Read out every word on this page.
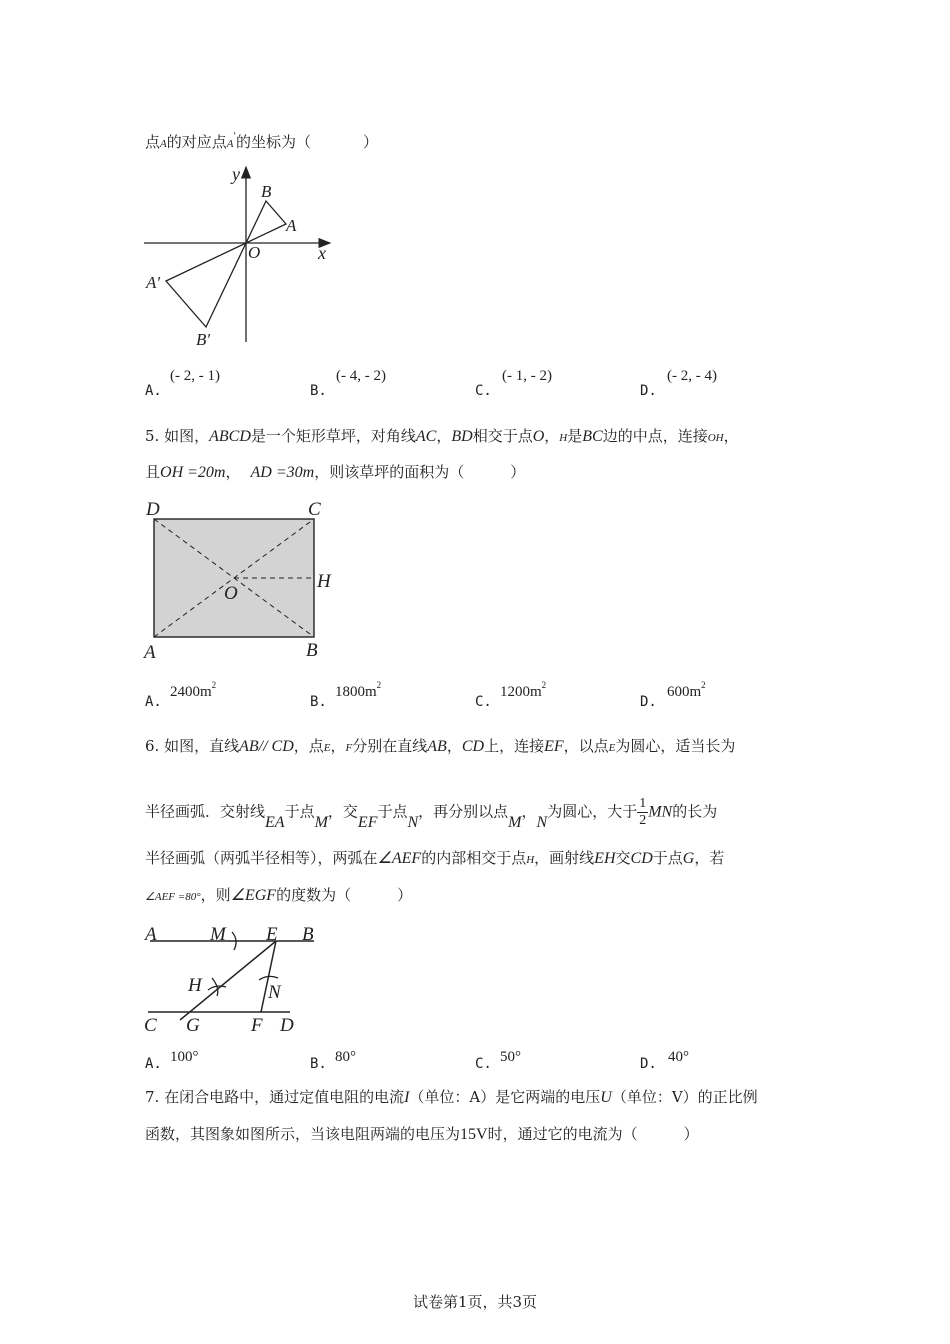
点A的对应点A'的坐标为（	）
y
x
O
B
A
A′
B′
A.
(- 2, - 1)
B.
(- 4, - 2)
C.
(- 1, - 2)
D.
(- 2, - 4)
5. 如图，ABCD是一个矩形草坪，对角线AC，BD相交于点O，H是BC边的中点，连接OH，
且OH =20m， AD =30m，则该草坪的面积为（	）
D	C
H
O
A	B
A.
$2400m^2$
B.
$1800m^2$
C.
$1200m^2$
D.
$600m^2$
6. 如图，直线AB// CD，点E，F分别在直线AB，CD上，连接EF，以点E为圆心，适当长为
半径画弧．交射线EA于点M，交EF于点N，再分别以点M，N为圆心，大于 $\frac{1}{2}$ MN的长为
半径画弧（两弧半径相等），两弧在∠AEF的内部相交于点H，画射线EH交CD于点G，若
∠AEF =80°，则∠EGF的度数为（	）
A	M E B
H	N
C G	F D
A. 100°	B. 80°	C. 50°	D. 40°
7. 在闭合电路中，通过定值电阻的电流I（单位：A）是它两端的电压U（单位：V）的正比例
函数，其图象如图所示，当该电阻两端的电压为15V时，通过它的电流为（	）
试卷第1页，共3页
